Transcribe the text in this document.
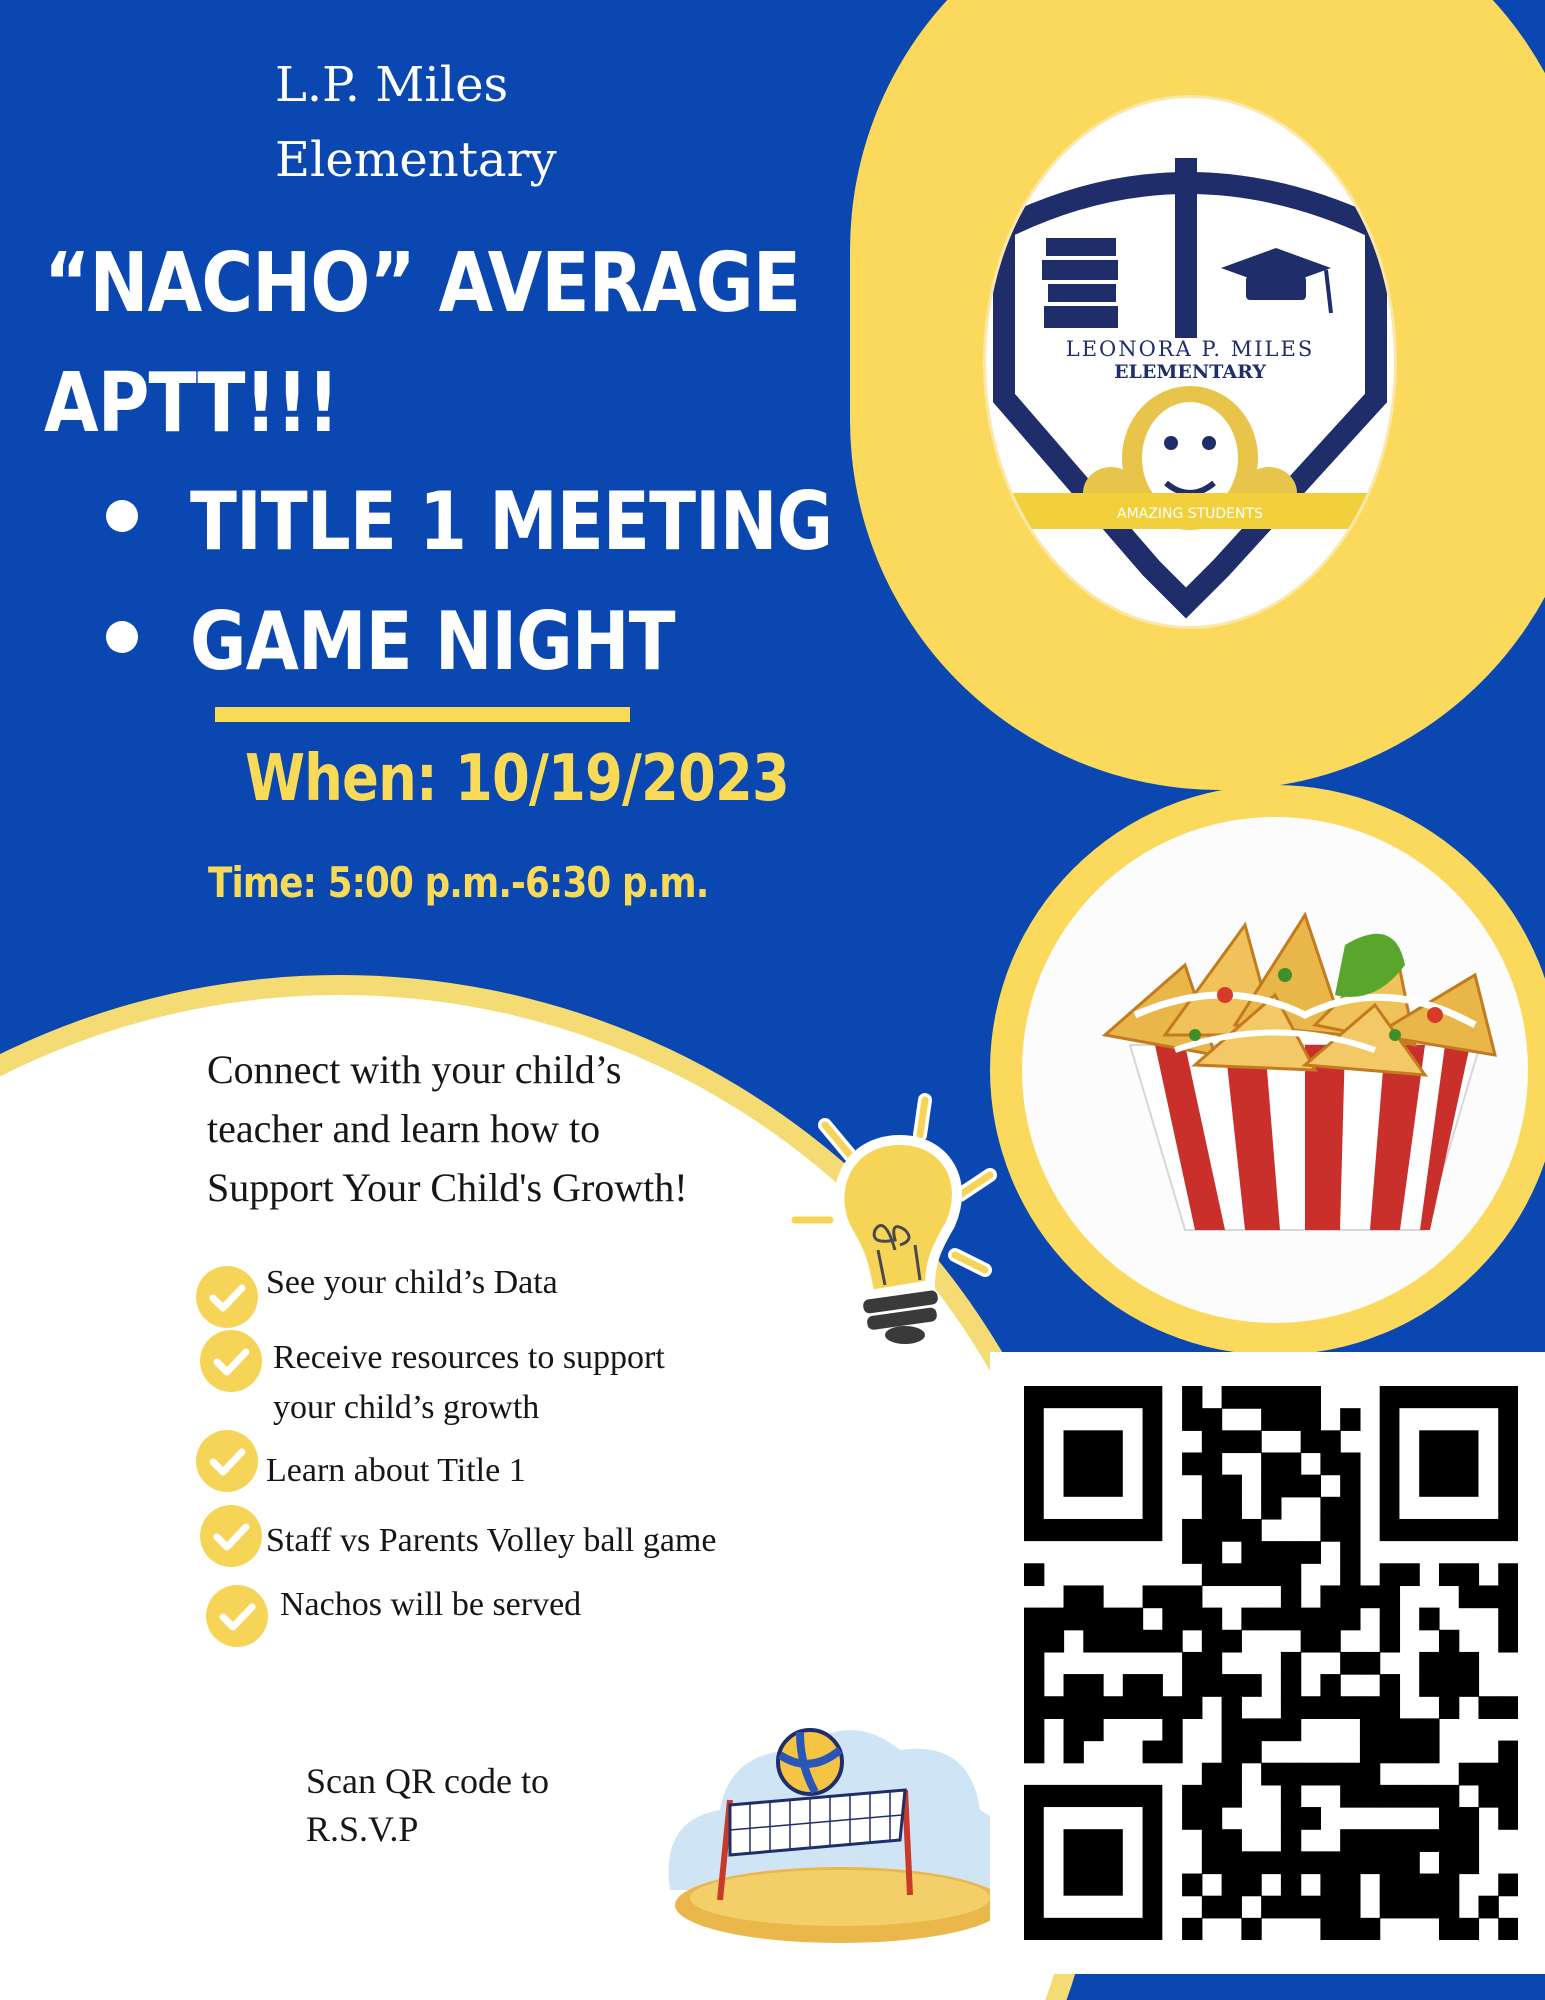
LEONORA P. MILES
ELEMENTARY
AMAZING STUDENTS
L.P. Miles
Elementary
“NACHO” AVERAGE
APTT!!!
TITLE 1 MEETING
GAME NIGHT
When: 10/19/2023
Time: 5:00 p.m.-6:30 p.m.
Connect with your child’s
teacher and learn how to
Support Your Child's Growth!
See your child’s Data
Receive resources to support
your child’s growth
Learn about Title 1
Staff vs Parents Volley ball game
Nachos will be served
Scan QR code to
R.S.V.P
